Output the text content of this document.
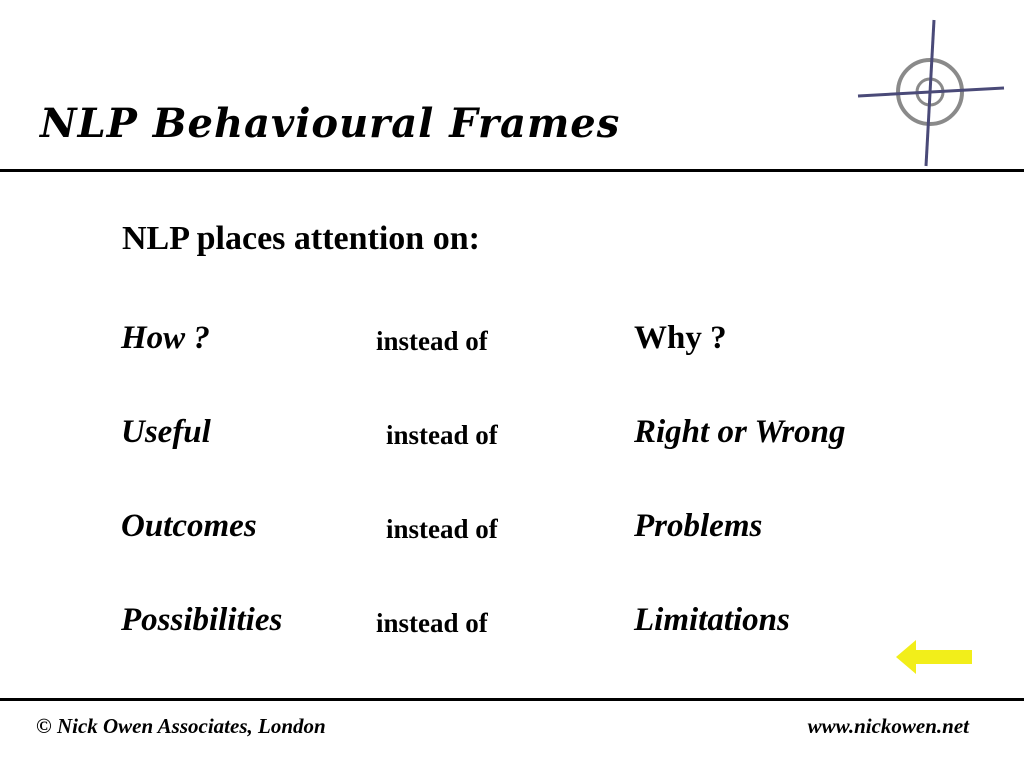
NLP Behavioural Frames
NLP places attention on:
How ?	instead of	Why ?
Useful	instead of	Right or Wrong
Outcomes	instead of	Problems
Possibilities	instead of	Limitations
© Nick Owen Associates, London	www.nickowen.net
